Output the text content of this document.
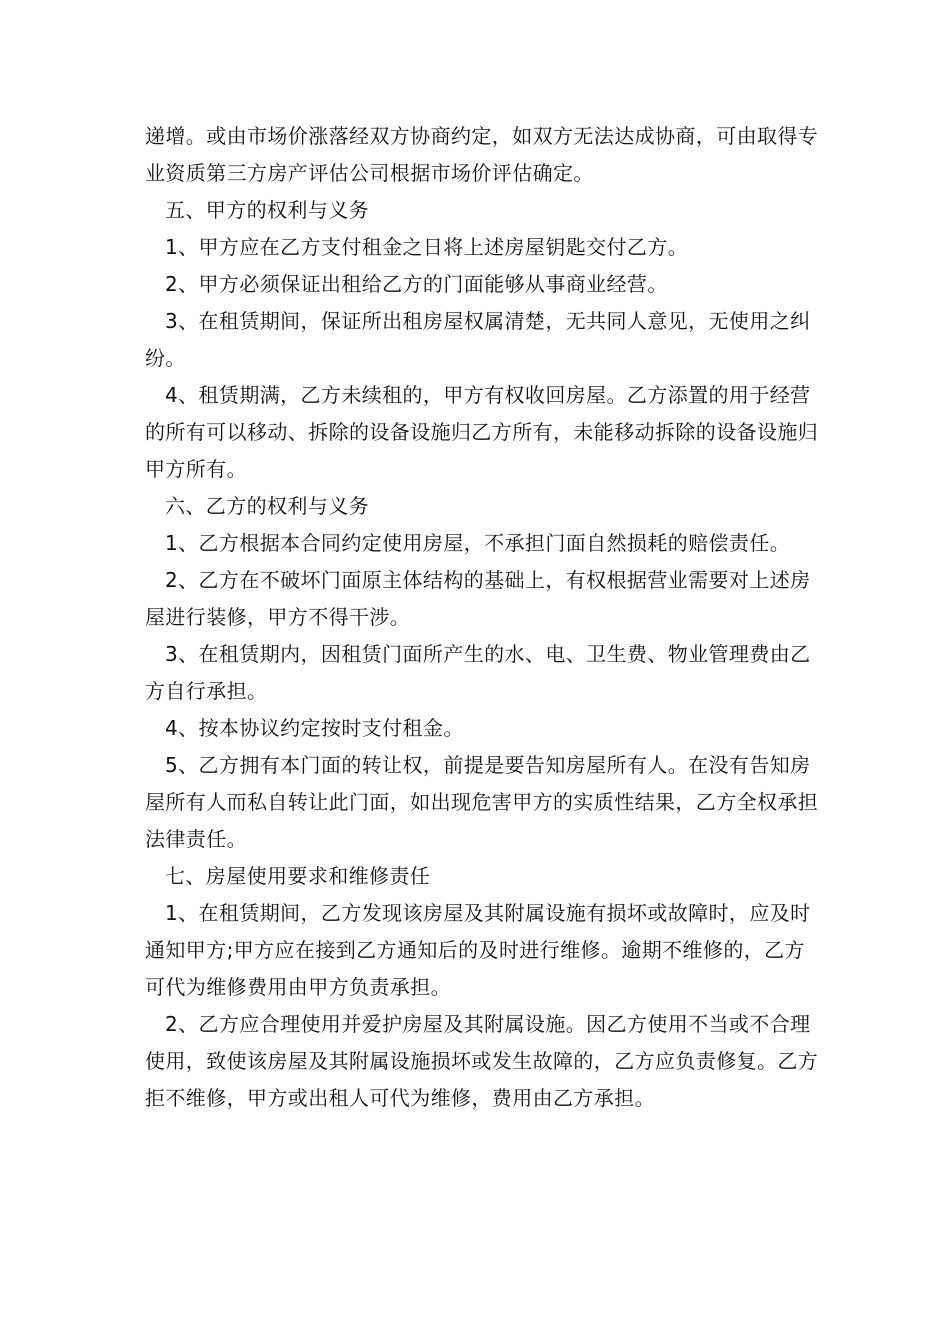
递增。或由市场价涨落经双方协商约定，如双方无法达成协商，可由取得专业资质第三方房产评估公司根据市场价评估确定。

五、甲方的权利与义务

1、甲方应在乙方支付租金之日将上述房屋钥匙交付乙方。

2、甲方必须保证出租给乙方的门面能够从事商业经营。

3、在租赁期间，保证所出租房屋权属清楚，无共同人意见，无使用之纠纷。

4、租赁期满，乙方未续租的，甲方有权收回房屋。乙方添置的用于经营的所有可以移动、拆除的设备设施归乙方所有，未能移动拆除的设备设施归甲方所有。

六、乙方的权利与义务

1、乙方根据本合同约定使用房屋，不承担门面自然损耗的赔偿责任。

2、乙方在不破坏门面原主体结构的基础上，有权根据营业需要对上述房屋进行装修，甲方不得干涉。

3、在租赁期内，因租赁门面所产生的水、电、卫生费、物业管理费由乙方自行承担。

4、按本协议约定按时支付租金。

5、乙方拥有本门面的转让权，前提是要告知房屋所有人。在没有告知房屋所有人而私自转让此门面，如出现危害甲方的实质性结果，乙方全权承担法律责任。

七、房屋使用要求和维修责任

1、在租赁期间，乙方发现该房屋及其附属设施有损坏或故障时，应及时通知甲方;甲方应在接到乙方通知后的及时进行维修。逾期不维修的，乙方可代为维修费用由甲方负责承担。

2、乙方应合理使用并爱护房屋及其附属设施。因乙方使用不当或不合理使用，致使该房屋及其附属设施损坏或发生故障的，乙方应负责修复。乙方拒不维修，甲方或出租人可代为维修，费用由乙方承担。
